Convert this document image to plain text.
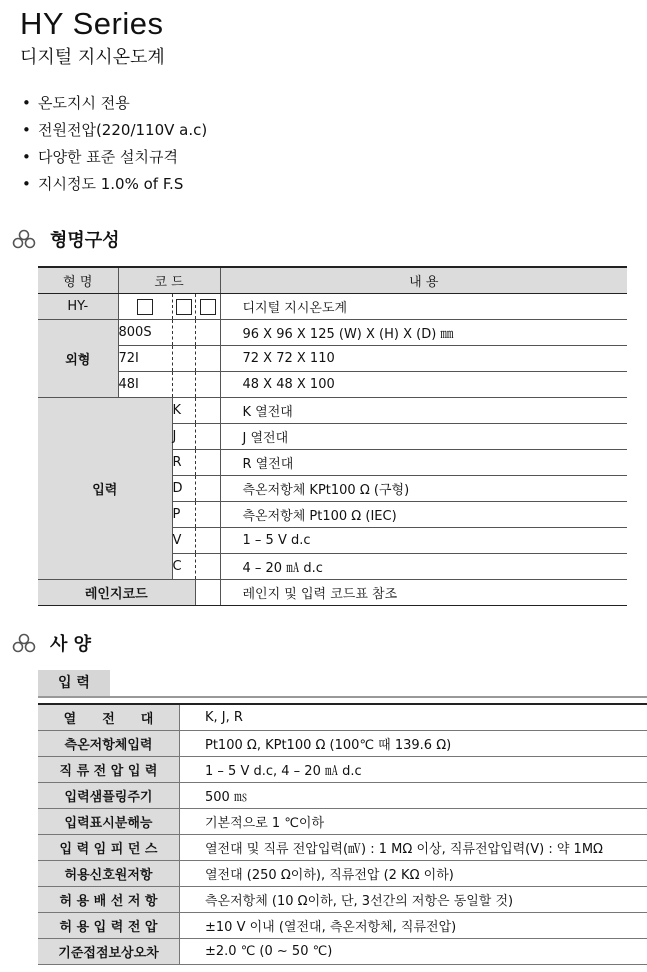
HY Series
디지털 지시온도계
• 온도지시 전용
• 전원전압(220/110V a.c)
• 다양한 표준 설치규격
• 지시정도 1.0% of F.S
형명구성
형 명	코 드			내 용
HY-				디지털 지시온도계
외형	800S			96 X 96 X 125 (W) X (H) X (D) ㎜
	72I			72 X 72 X 110
	48I			48 X 48 X 100
입력		K		K 열전대
		J		J 열전대
		R		R 열전대
		D		측온저항체 KPt100 Ω (구형)
		P		측온저항체 Pt100 Ω (IEC)
		V		1 – 5 V d.c
		C		4 – 20 ㎃ d.c
레인지코드				레인지 및 입력 코드표 참조
사 양
입 력
열　　전　　대	K, J, R
측온저항체입력	Pt100 Ω, KPt100 Ω (100℃ 때 139.6 Ω)
직 류 전 압 입 력	1 – 5 V d.c, 4 – 20 ㎃ d.c
입력샘플링주기	500 ㎳
입력표시분해능	기본적으로 1 ℃이하
입 력 임 피 던 스	열전대 및 직류 전압입력(㎷) : 1 MΩ 이상, 직류전압입력(V) : 약 1MΩ
허용신호원저항	열전대 (250 Ω이하), 직류전압 (2 KΩ 이하)
허 용 배 선 저 항	측온저항체 (10 Ω이하, 단, 3선간의 저항은 동일할 것)
허 용 입 력 전 압	±10 V 이내 (열전대, 측온저항체, 직류전압)
기준접점보상오차	±2.0 ℃ (0 ~ 50 ℃)
